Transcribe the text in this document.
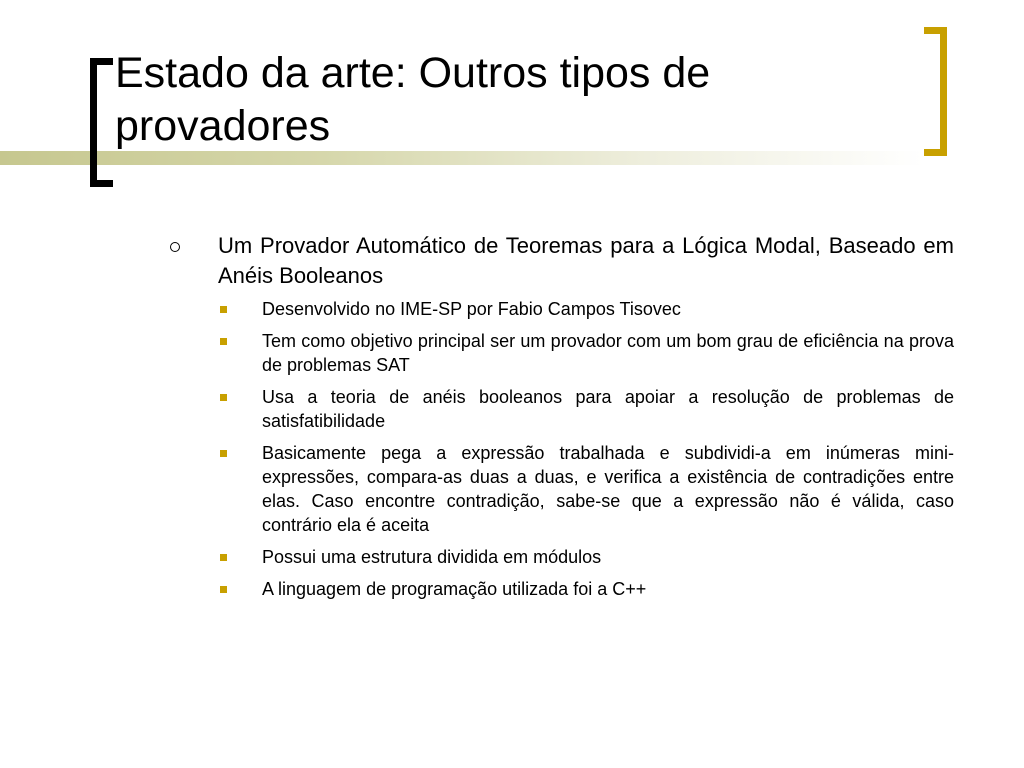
Estado da arte: Outros tipos de provadores
Um Provador Automático de Teoremas para a Lógica Modal, Baseado em Anéis Booleanos
Desenvolvido no IME-SP por Fabio Campos Tisovec
Tem como objetivo principal ser um provador com um bom grau de eficiência na prova de problemas SAT
Usa a teoria de anéis booleanos para apoiar a resolução de problemas de satisfatibilidade
Basicamente pega a expressão trabalhada e subdividi-a em inúmeras mini-expressões, compara-as duas a duas, e verifica a existência de contradições entre elas. Caso encontre contradição, sabe-se que a expressão não é válida, caso contrário ela é aceita
Possui uma estrutura dividida em módulos
A linguagem de programação utilizada foi a C++
